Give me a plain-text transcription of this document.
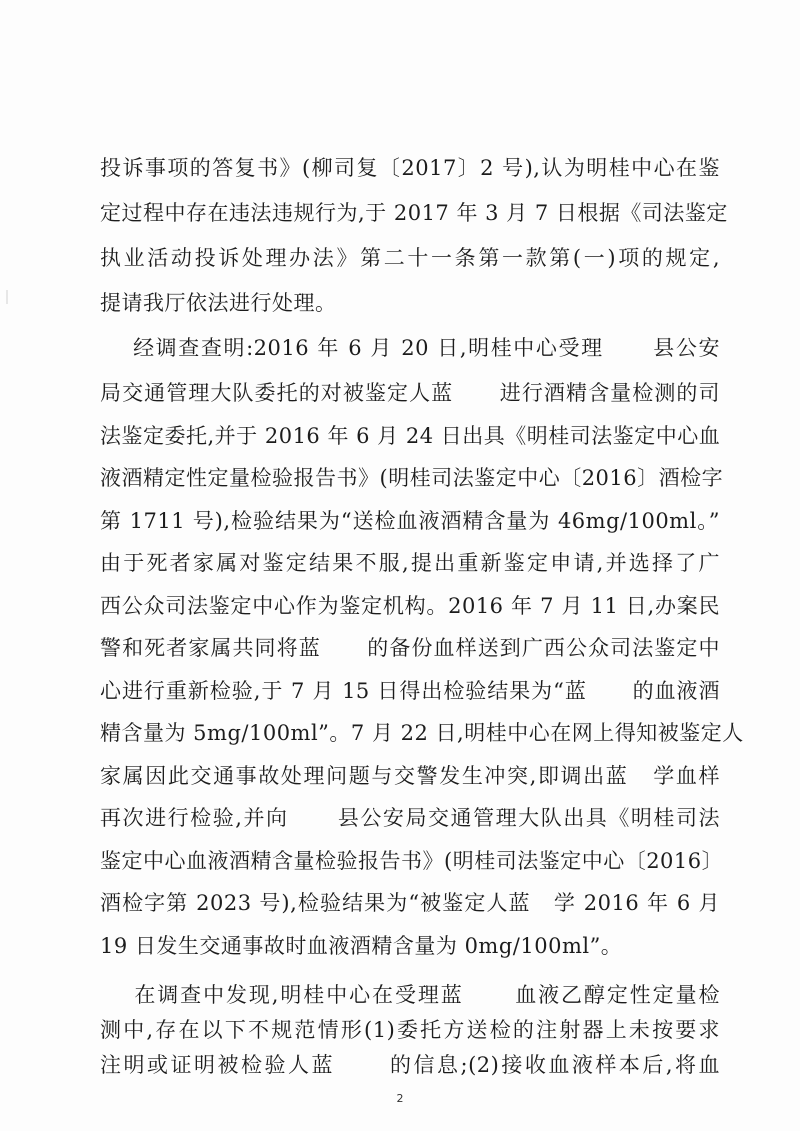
投诉事项的答复书》(柳司复〔2017〕2 号),认为明桂中心在鉴
定过程中存在违法违规行为,于 2017 年 3 月 7 日根据《司法鉴定
执业活动投诉处理办法》第二十一条第一款第(一)项的规定,
提请我厅依法进行处理。
经调查查明:2016 年 6 月 20 日,明桂中心受理      县公安
局交通管理大队委托的对被鉴定人蓝      进行酒精含量检测的司
法鉴定委托,并于 2016 年 6 月 24 日出具《明桂司法鉴定中心血
液酒精定性定量检验报告书》(明桂司法鉴定中心〔2016〕酒检字
第 1711 号),检验结果为“送检血液酒精含量为 46mg/100ml。”
由于死者家属对鉴定结果不服,提出重新鉴定申请,并选择了广
西公众司法鉴定中心作为鉴定机构。2016 年 7 月 11 日,办案民
警和死者家属共同将蓝      的备份血样送到广西公众司法鉴定中
心进行重新检验,于 7 月 15 日得出检验结果为“蓝      的血液酒
精含量为 5mg/100ml”。7 月 22 日,明桂中心在网上得知被鉴定人
家属因此交通事故处理问题与交警发生冲突,即调出蓝   学血样
再次进行检验,并向      县公安局交通管理大队出具《明桂司法
鉴定中心血液酒精含量检验报告书》(明桂司法鉴定中心〔2016〕
酒检字第 2023 号),检验结果为“被鉴定人蓝   学 2016 年 6 月
19 日发生交通事故时血液酒精含量为 0mg/100ml”。
在调查中发现,明桂中心在受理蓝      血液乙醇定性定量检
测中,存在以下不规范情形(1)委托方送检的注射器上未按要求
注明或证明被检验人蓝      的信息;(2)接收血液样本后,将血
2
